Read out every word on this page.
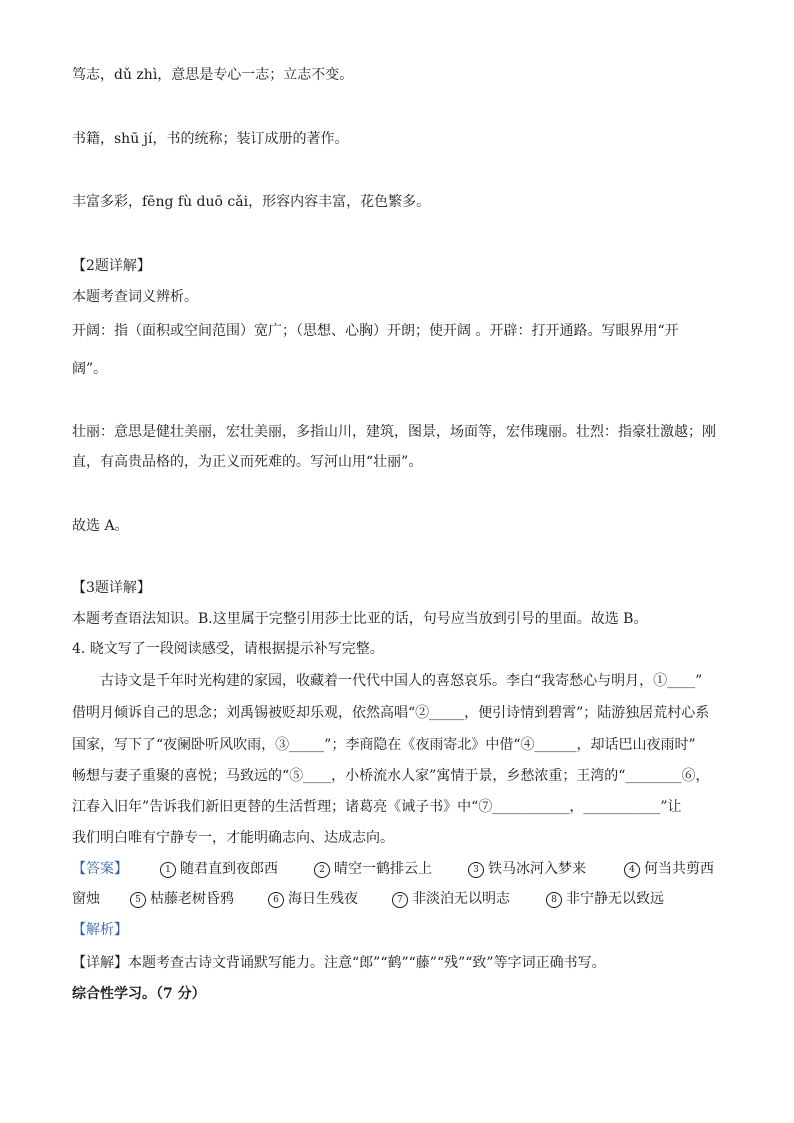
笃志，dǔ zhì，意思是专心一志；立志不变。
书籍，shū jí，书的统称；装订成册的著作。
丰富多彩，fēng fù duō cǎi，形容内容丰富，花色繁多。
【2题详解】
本题考查词义辨析。
开阔：指（面积或空间范围）宽广；（思想、心胸）开朗；使开阔 。开辟：打开通路。写眼界用“开
阔”。
壮丽：意思是健壮美丽，宏壮美丽，多指山川，建筑，图景，场面等，宏伟瑰丽。壮烈：指豪壮激越；刚
直，有高贵品格的，为正义而死难的。写河山用“壮丽”。
故选 A。
【3题详解】
本题考查语法知识。B.这里属于完整引用莎士比亚的话，句号应当放到引号的里面。故选 B。
4. 晓文写了一段阅读感受，请根据提示补写完整。
古诗文是千年时光构建的家园，收藏着一代代中国人的喜怒哀乐。李白“我寄愁心与明月，①____”
借明月倾诉自己的思念；刘禹锡被贬却乐观，依然高唱“②_____，便引诗情到碧霄”；陆游独居荒村心系
国家，写下了“夜阑卧听风吹雨，③_____”；李商隐在《夜雨寄北》中借“④______，却话巴山夜雨时”
畅想与妻子重聚的喜悦；马致远的“⑤____，小桥流水人家”寓情于景，乡愁浓重；王湾的“________⑥，
江春入旧年”告诉我们新旧更替的生活哲理；诸葛亮《诫子书》中“⑦___________，___________”让
我们明白唯有宁静专一，才能明确志向、达成志向。
【答案】	1 随君直到夜郎西	2 晴空一鹤排云上	3 铁马冰河入梦来	4 何当共剪西
窗烛	5 枯藤老树昏鸦	6 海日生残夜	7 非淡泊无以明志	8 非宁静无以致远
【解析】
【详解】本题考查古诗文背诵默写能力。注意“郎”“鹤”“藤”“残”“致”等字词正确书写。
综合性学习。（7 分）
